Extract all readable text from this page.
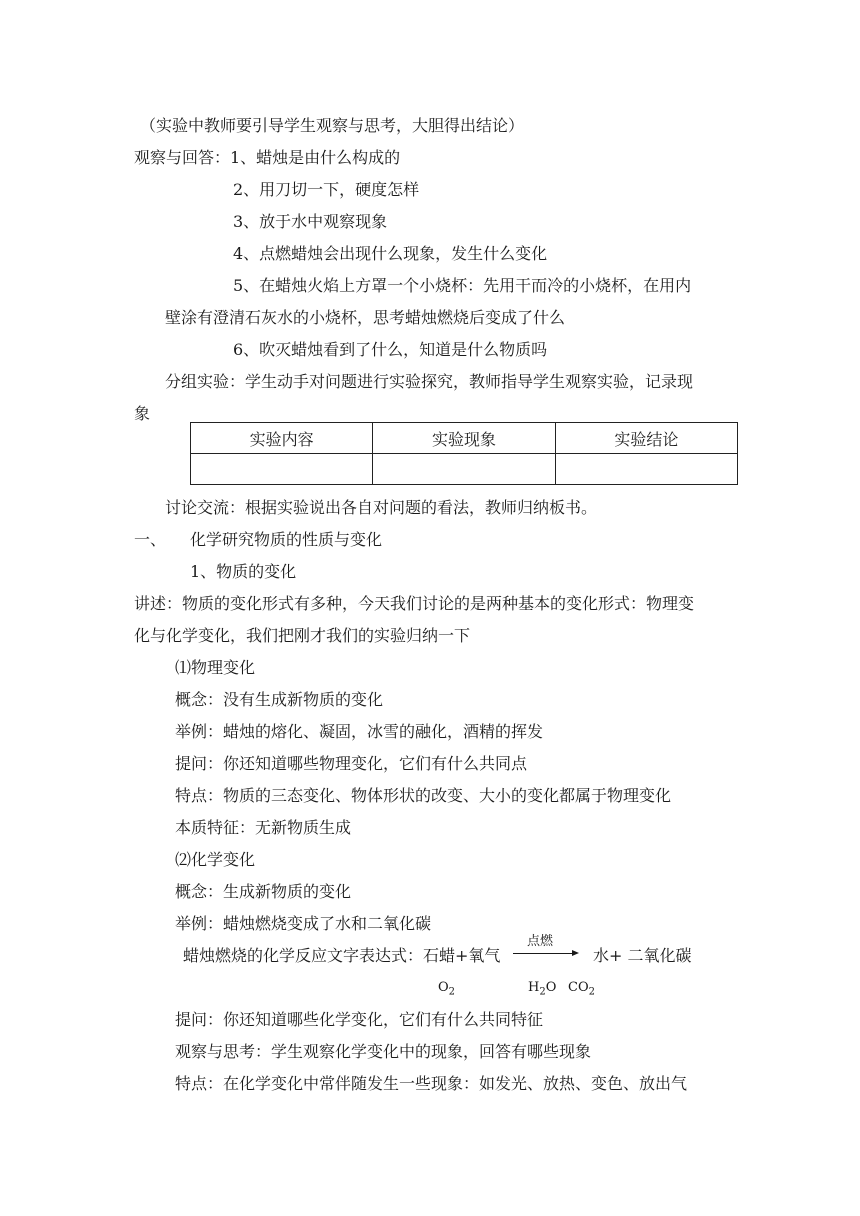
（实验中教师要引导学生观察与思考，大胆得出结论）
观察与回答：1、蜡烛是由什么构成的
2、用刀切一下，硬度怎样
3、放于水中观察现象
4、点燃蜡烛会出现什么现象，发生什么变化
5、在蜡烛火焰上方罩一个小烧杯：先用干而冷的小烧杯，在用内
壁涂有澄清石灰水的小烧杯，思考蜡烛燃烧后变成了什么
6、吹灭蜡烛看到了什么，知道是什么物质吗
分组实验：学生动手对问题进行实验探究，教师指导学生观察实验，记录现
象
实验内容	实验现象	实验结论

讨论交流：根据实验说出各自对问题的看法，教师归纳板书。
一、 化学研究物质的性质与变化
1、物质的变化
讲述：物质的变化形式有多种，今天我们讨论的是两种基本的变化形式：物理变
化与化学变化，我们把刚才我们的实验归纳一下
⑴物理变化
概念：没有生成新物质的变化
举例：蜡烛的熔化、凝固，冰雪的融化，酒精的挥发
提问：你还知道哪些物理变化，它们有什么共同点
特点：物质的三态变化、物体形状的改变、大小的变化都属于物理变化
本质特征：无新物质生成
⑵化学变化
概念：生成新物质的变化
举例：蜡烛燃烧变成了水和二氧化碳
蜡烛燃烧的化学反应文字表达式：石蜡+氧气
点燃
水+ 二氧化碳
$O_2$	$H_2O$ $CO_2$
提问：你还知道哪些化学变化，它们有什么共同特征
观察与思考：学生观察化学变化中的现象，回答有哪些现象
特点：在化学变化中常伴随发生一些现象：如发光、放热、变色、放出气
